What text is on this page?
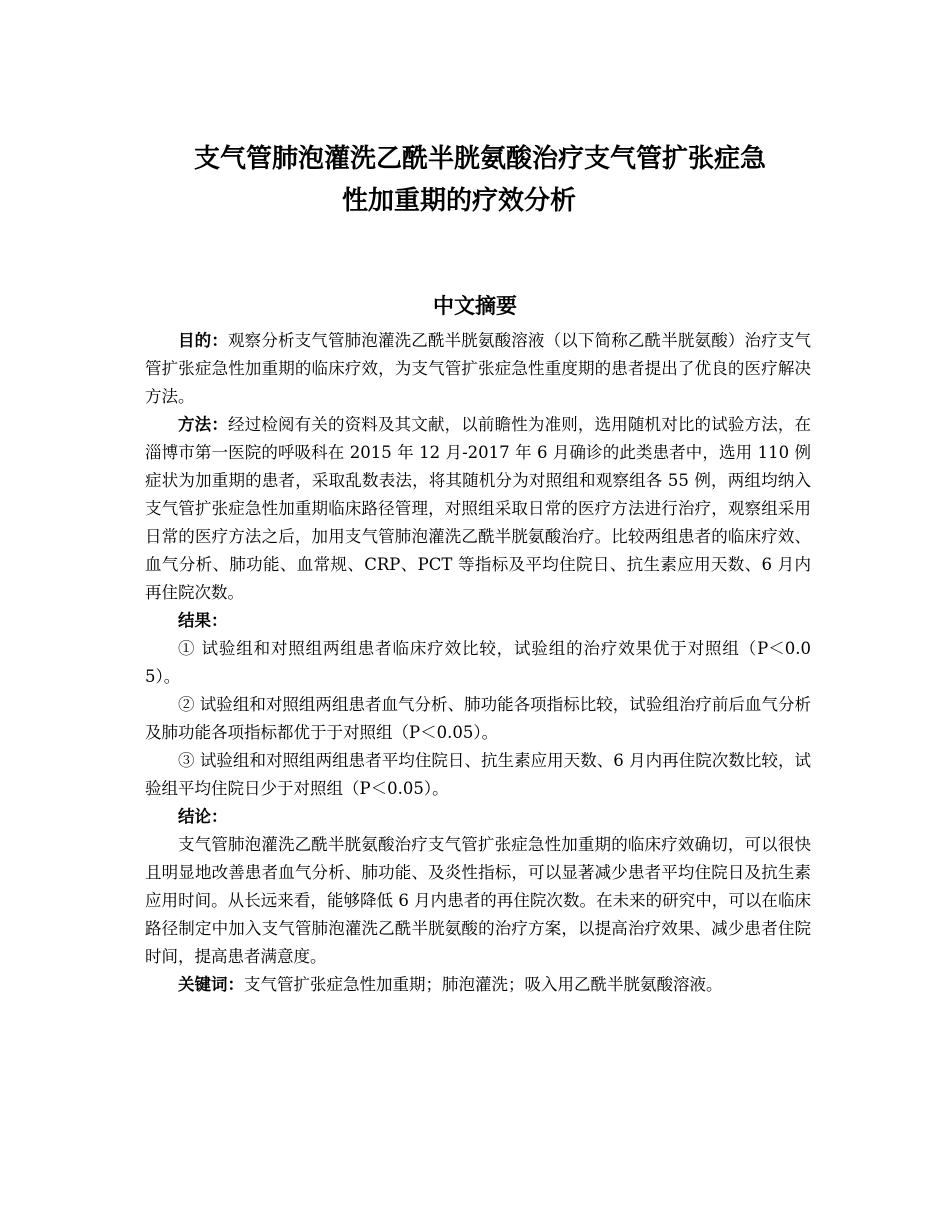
支气管肺泡灌洗乙酰半胱氨酸治疗支气管扩张症急
性加重期的疗效分析
中文摘要

目的：观察分析支气管肺泡灌洗乙酰半胱氨酸溶液（以下简称乙酰半胱氨酸）治疗支气管扩张症急性加重期的临床疗效，为支气管扩张症急性重度期的患者提出了优良的医疗解决方法。

方法：经过检阅有关的资料及其文献，以前瞻性为准则，选用随机对比的试验方法，在淄博市第一医院的呼吸科在 2015 年 12 月-2017 年 6 月确诊的此类患者中，选用 110 例症状为加重期的患者，采取乱数表法，将其随机分为对照组和观察组各 55 例，两组均纳入支气管扩张症急性加重期临床路径管理，对照组采取日常的医疗方法进行治疗，观察组采用日常的医疗方法之后，加用支气管肺泡灌洗乙酰半胱氨酸治疗。比较两组患者的临床疗效、血气分析、肺功能、血常规、CRP、PCT 等指标及平均住院日、抗生素应用天数、6 月内再住院次数。

结果：

① 试验组和对照组两组患者临床疗效比较，试验组的治疗效果优于对照组（P＜0.05）。

② 试验组和对照组两组患者血气分析、肺功能各项指标比较，试验组治疗前后血气分析及肺功能各项指标都优于于对照组（P＜0.05）。

③ 试验组和对照组两组患者平均住院日、抗生素应用天数、6 月内再住院次数比较，试验组平均住院日少于对照组（P＜0.05）。

结论：

支气管肺泡灌洗乙酰半胱氨酸治疗支气管扩张症急性加重期的临床疗效确切，可以很快且明显地改善患者血气分析、肺功能、及炎性指标，可以显著减少患者平均住院日及抗生素应用时间。从长远来看，能够降低 6 月内患者的再住院次数。在未来的研究中，可以在临床路径制定中加入支气管肺泡灌洗乙酰半胱氨酸的治疗方案，以提高治疗效果、减少患者住院时间，提高患者满意度。

关键词：支气管扩张症急性加重期；肺泡灌洗；吸入用乙酰半胱氨酸溶液。
